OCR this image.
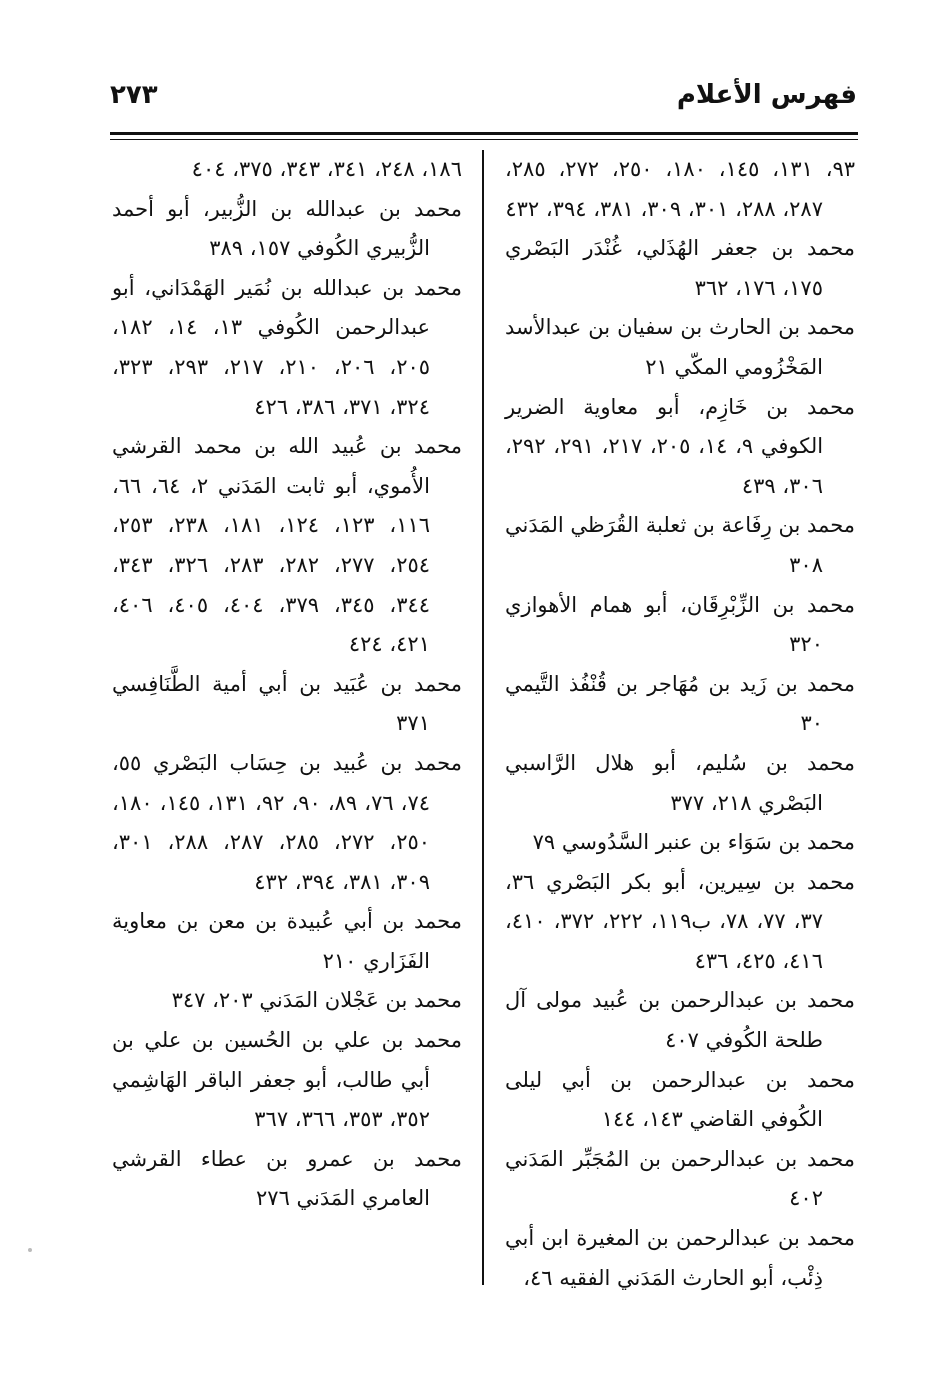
فهرس الأعلام
٢٧٣

٩٣، ١٣١، ١٤٥، ١٨٠، ٢٥٠، ٢٧٢، ٢٨٥، ٢٨٧، ٢٨٨، ٣٠١، ٣٠٩، ٣٨١، ٣٩٤، ٤٣٢

محمد بن جعفر الهُذَلي، غُنْدَر البَصْري ١٧٥، ١٧٦، ٣٦٢

محمد بن الحارث بن سفيان بن عبدالأسد المَخْزُومي المكّي ٢١

محمد بن خَازِم، أبو معاوية الضرير الكوفي ٩، ١٤، ٢٠٥، ٢١٧، ٢٩١، ٢٩٢، ٣٠٦، ٤٣٩

محمد بن رِفَاعة بن ثعلبة القُرَظي المَدَني ٣٠٨

محمد بن الزِّبْرِقَان، أبو همام الأهوازي ٣٢٠

محمد بن زَيد بن مُهَاجر بن قُنْفُذ التَّيمي ٣٠

محمد بن سُليم، أبو هلال الرَّاسبي البَصْري ٢١٨، ٣٧٧

محمد بن سَوَاء بن عنبر السَّدُوسي ٧٩

محمد بن سِيرين، أبو بكر البَصْري ٣٦، ٣٧، ٧٧، ٧٨، ب١١٩، ٢٢٢، ٣٧٢، ٤١٠، ٤١٦، ٤٢٥، ٤٣٦

محمد بن عبدالرحمن بن عُبيد مولى آل طلحة الكُوفي ٤٠٧

محمد بن عبدالرحمن بن أبي ليلى الكُوفي القاضي ١٤٣، ١٤٤

محمد بن عبدالرحمن بن المُجَبِّر المَدَني ٤٠٢

محمد بن عبدالرحمن بن المغيرة ابن أبي ذِئْب، أبو الحارث المَدَني الفقيه ٤٦،

١٨٦، ٢٤٨، ٣٤١، ٣٤٣، ٣٧٥، ٤٠٤

محمد بن عبدالله بن الزُّبير، أبو أحمد الزُّبيري الكُوفي ١٥٧، ٣٨٩

محمد بن عبدالله بن نُمَير الهَمْدَاني، أبو عبدالرحمن الكُوفي ١٣، ١٤، ١٨٢، ٢٠٥، ٢٠٦، ٢١٠، ٢١٧، ٢٩٣، ٣٢٣، ٣٢٤، ٣٧١، ٣٨٦، ٤٢٦

محمد بن عُبيد الله بن محمد القرشي الأُموي، أبو ثابت المَدَني ٢، ٦٤، ٦٦، ١١٦، ١٢٣، ١٢٤، ١٨١، ٢٣٨، ٢٥٣، ٢٥٤، ٢٧٧، ٢٨٢، ٢٨٣، ٣٢٦، ٣٤٣، ٣٤٤، ٣٤٥، ٣٧٩، ٤٠٤، ٤٠٥، ٤٠٦، ٤٢١، ٤٢٤

محمد بن عُبَيد بن أبي أمية الطَّنَافِسي ٣٧١

محمد بن عُبيد بن حِسَاب البَصْري ٥٥، ٧٤، ٧٦، ٨٩، ٩٠، ٩٢، ١٣١، ١٤٥، ١٨٠، ٢٥٠، ٢٧٢، ٢٨٥، ٢٨٧، ٢٨٨، ٣٠١، ٣٠٩، ٣٨١، ٣٩٤، ٤٣٢

محمد بن أبي عُبيدة بن معن بن معاوية الفَزَاري ٢١٠

محمد بن عَجْلان المَدَني ٢٠٣، ٣٤٧

محمد بن علي بن الحُسين بن علي بن أبي طالب، أبو جعفر الباقر الهَاشِمي ٣٥٢، ٣٥٣، ٣٦٦، ٣٦٧

محمد بن عمرو بن عطاء القرشي العامري المَدَني ٢٧٦
